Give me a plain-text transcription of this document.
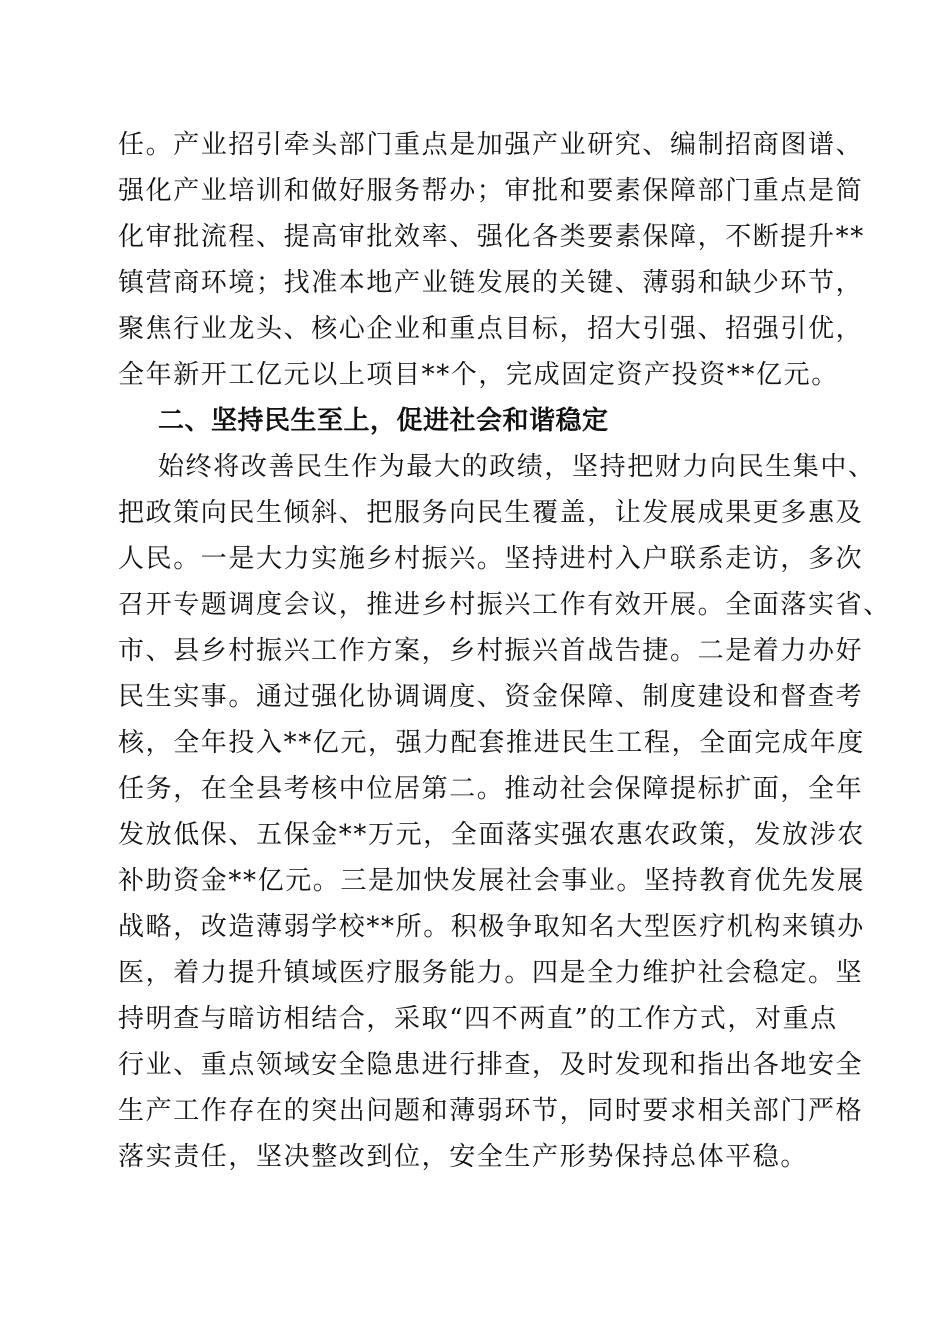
任。产业招引牵头部门重点是加强产业研究、编制招商图谱、
强化产业培训和做好服务帮办；审批和要素保障部门重点是简
化审批流程、提高审批效率、强化各类要素保障，不断提升**
镇营商环境；找准本地产业链发展的关键、薄弱和缺少环节，
聚焦行业龙头、核心企业和重点目标，招大引强、招强引优，
全年新开工亿元以上项目**个，完成固定资产投资**亿元。
二、坚持民生至上，促进社会和谐稳定
始终将改善民生作为最大的政绩，坚持把财力向民生集中、
把政策向民生倾斜、把服务向民生覆盖，让发展成果更多惠及
人民。一是大力实施乡村振兴。坚持进村入户联系走访，多次
召开专题调度会议，推进乡村振兴工作有效开展。全面落实省、
市、县乡村振兴工作方案，乡村振兴首战告捷。二是着力办好
民生实事。通过强化协调调度、资金保障、制度建设和督查考
核，全年投入**亿元，强力配套推进民生工程，全面完成年度
任务，在全县考核中位居第二。推动社会保障提标扩面，全年
发放低保、五保金**万元，全面落实强农惠农政策，发放涉农
补助资金**亿元。三是加快发展社会事业。坚持教育优先发展
战略，改造薄弱学校**所。积极争取知名大型医疗机构来镇办
医，着力提升镇域医疗服务能力。四是全力维护社会稳定。坚
持明查与暗访相结合，采取“四不两直”的工作方式，对重点
行业、重点领域安全隐患进行排查，及时发现和指出各地安全
生产工作存在的突出问题和薄弱环节，同时要求相关部门严格
落实责任，坚决整改到位，安全生产形势保持总体平稳。
